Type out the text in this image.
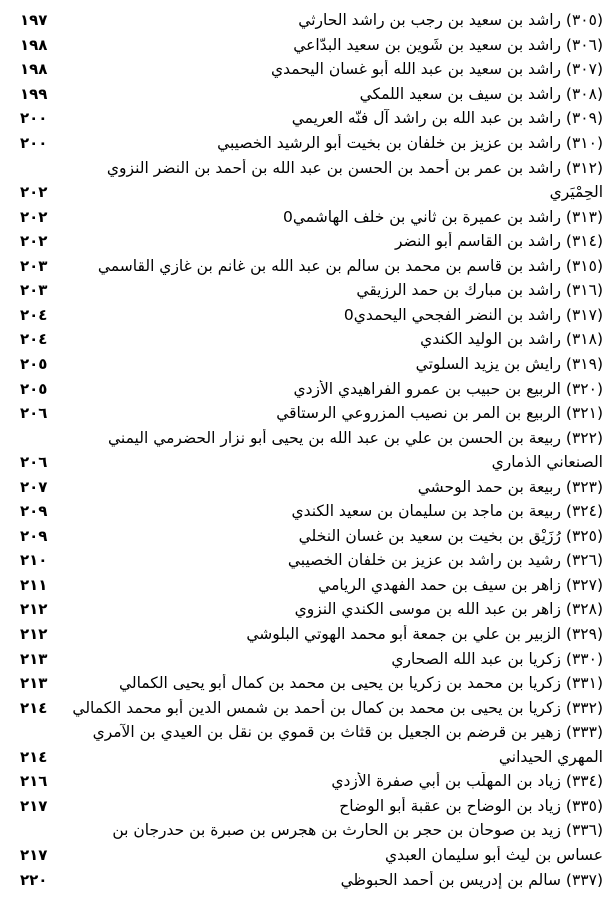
١٩٧	(٣٠٥) راشد بن سعيد بن رجب بن راشد الحارثي
١٩٨	(٣٠٦) راشد بن سعيد بن شَوين بن سعيد البدّاعي
١٩٨	(٣٠٧) راشد بن سعيد بن عبد الله أبو غسان اليحمدي
١٩٩	(٣٠٨) راشد بن سيف بن سعيد اللمكي
٢٠٠	(٣٠٩) راشد بن عبد الله بن راشد آل فنّه العريمي
٢٠٠	(٣١٠) راشد بن عزيز بن خلفان بن بخيت أبو الرشيد الخصيبي
(٣١٢) راشد بن عمر بن أحمد بن الحسن بن عبد الله بن أحمد بن النضر النزوي
٢٠٢	الحِمْيَري
٢٠٢	(٣١٣) راشد بن عميرة بن ثاني بن خلف الهاشمي0
٢٠٢	(٣١٤) راشد بن القاسم أبو النضر
٢٠٣	(٣١٥) راشد بن قاسم بن محمد بن سالم بن عبد الله بن غانم بن غازي القاسمي
٢٠٣	(٣١٦) راشد بن مبارك بن حمد الرزيقي
٢٠٤	(٣١٧) راشد بن النضر الفجحي اليحمدي0
٢٠٤	(٣١٨) راشد بن الوليد الكندي
٢٠٥	(٣١٩) رايش بن يزيد السلوتي
٢٠٥	(٣٢٠) الربيع بن حبيب بن عمرو الفراهيدي الأزدي
٢٠٦	(٣٢١) الربيع بن المر بن نصيب المزروعي الرستاقي
(٣٢٢) ربيعة بن الحسن بن علي بن عبد الله بن يحيى أبو نزار الحضرمي اليمني
٢٠٦	الصنعاني الذماري
٢٠٧	(٣٢٣) ربيعة بن حمد الوحشي
٢٠٩	(٣٢٤) ربيعة بن ماجد بن سليمان بن سعيد الكندي
٢٠٩	(٣٢٥) رُزَيْق بن بخيت بن سعيد بن غسان النخلي
٢١٠	(٣٢٦) رشيد بن راشد بن عزيز بن خلفان الخصيبي
٢١١	(٣٢٧) زاهر بن سيف بن حمد الفهدي الريامي
٢١٢	(٣٢٨) زاهر بن عبد الله بن موسى الكندي النزوي
٢١٢	(٣٢٩) الزبير بن علي بن جمعة أبو محمد الهوتي البلوشي
٢١٣	(٣٣٠) زكريا بن عبد الله الصحاري
٢١٣	(٣٣١) زكريا بن محمد بن زكريا بن يحيى بن محمد بن كمال أبو يحيى الكمالي
٢١٤	(٣٣٢) زكريا بن يحيى بن محمد بن كمال بن أحمد بن شمس الدين أبو محمد الكمالي
(٣٣٣) زهير بن قرضم بن الجعيل بن قثاث بن قموي بن نقل بن العيدي بن الآمري
٢١٤	المهري الحيداني
٢١٦	(٣٣٤) زياد بن المهلّب بن أبي صفرة الأزدي
٢١٧	(٣٣٥) زياد بن الوضاح بن عقبة أبو الوضاح
(٣٣٦) زيد بن صوحان بن حجر بن الحارث بن هجرس بن صبرة بن حدرجان بن
٢١٧	عساس بن ليث أبو سليمان العبدي
٢٢٠	(٣٣٧) سالم بن إدريس بن أحمد الحبوظي
